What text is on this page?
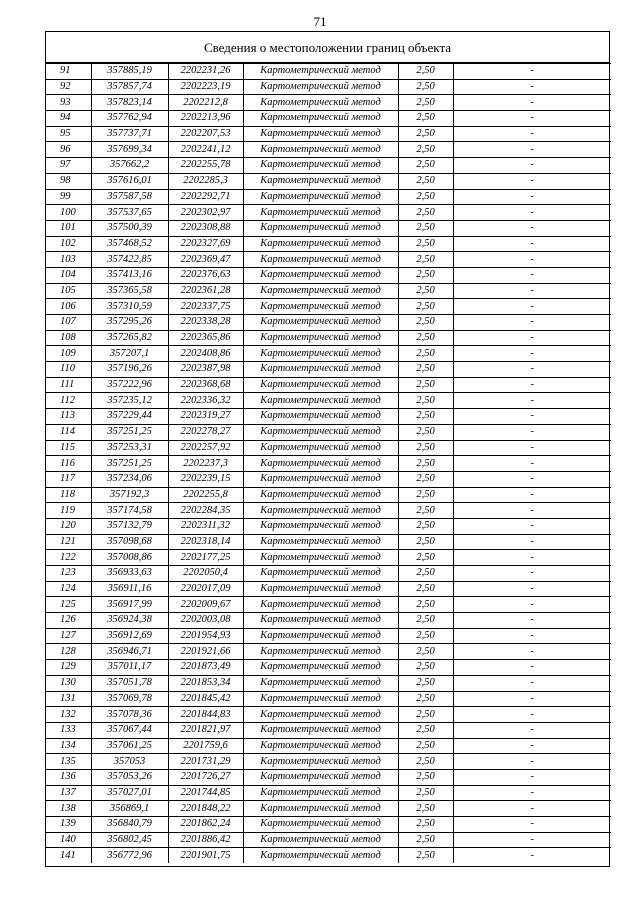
71
Сведения о местоположении границ объекта
91	357885,19	2202231,26	Картометрический метод	2,50	-
92	357857,74	2202223,19	Картометрический метод	2,50	-
93	357823,14	2202212,8	Картометрический метод	2,50	-
94	357762,94	2202213,96	Картометрический метод	2,50	-
95	357737,71	2202207,53	Картометрический метод	2,50	-
96	357699,34	2202241,12	Картометрический метод	2,50	-
97	357662,2	2202255,78	Картометрический метод	2,50	-
98	357616,01	2202285,3	Картометрический метод	2,50	-
99	357587,58	2202292,71	Картометрический метод	2,50	-
100	357537,65	2202302,97	Картометрический метод	2,50	-
101	357500,39	2202308,88	Картометрический метод	2,50	-
102	357468,52	2202327,69	Картометрический метод	2,50	-
103	357422,85	2202369,47	Картометрический метод	2,50	-
104	357413,16	2202376,63	Картометрический метод	2,50	-
105	357365,58	2202361,28	Картометрический метод	2,50	-
106	357310,59	2202337,75	Картометрический метод	2,50	-
107	357295,26	2202338,28	Картометрический метод	2,50	-
108	357265,82	2202365,86	Картометрический метод	2,50	-
109	357207,1	2202408,86	Картометрический метод	2,50	-
110	357196,26	2202387,98	Картометрический метод	2,50	-
111	357222,96	2202368,68	Картометрический метод	2,50	-
112	357235,12	2202336,32	Картометрический метод	2,50	-
113	357229,44	2202319,27	Картометрический метод	2,50	-
114	357251,25	2202278,27	Картометрический метод	2,50	-
115	357253,31	2202257,92	Картометрический метод	2,50	-
116	357251,25	2202237,3	Картометрический метод	2,50	-
117	357234,06	2202239,15	Картометрический метод	2,50	-
118	357192,3	2202255,8	Картометрический метод	2,50	-
119	357174,58	2202284,35	Картометрический метод	2,50	-
120	357132,79	2202311,32	Картометрический метод	2,50	-
121	357098,68	2202318,14	Картометрический метод	2,50	-
122	357008,86	2202177,25	Картометрический метод	2,50	-
123	356933,63	2202050,4	Картометрический метод	2,50	-
124	356911,16	2202017,09	Картометрический метод	2,50	-
125	356917,99	2202009,67	Картометрический метод	2,50	-
126	356924,38	2202003,08	Картометрический метод	2,50	-
127	356912,69	2201954,93	Картометрический метод	2,50	-
128	356946,71	2201921,66	Картометрический метод	2,50	-
129	357011,17	2201873,49	Картометрический метод	2,50	-
130	357051,78	2201853,34	Картометрический метод	2,50	-
131	357069,78	2201845,42	Картометрический метод	2,50	-
132	357078,36	2201844,83	Картометрический метод	2,50	-
133	357067,44	2201821,97	Картометрический метод	2,50	-
134	357061,25	2201759,6	Картометрический метод	2,50	-
135	357053	2201731,29	Картометрический метод	2,50	-
136	357053,26	2201726,27	Картометрический метод	2,50	-
137	357027,01	2201744,85	Картометрический метод	2,50	-
138	356869,1	2201848,22	Картометрический метод	2,50	-
139	356840,79	2201862,24	Картометрический метод	2,50	-
140	356802,45	2201886,42	Картометрический метод	2,50	-
141	356772,96	2201901,75	Картометрический метод	2,50	-
